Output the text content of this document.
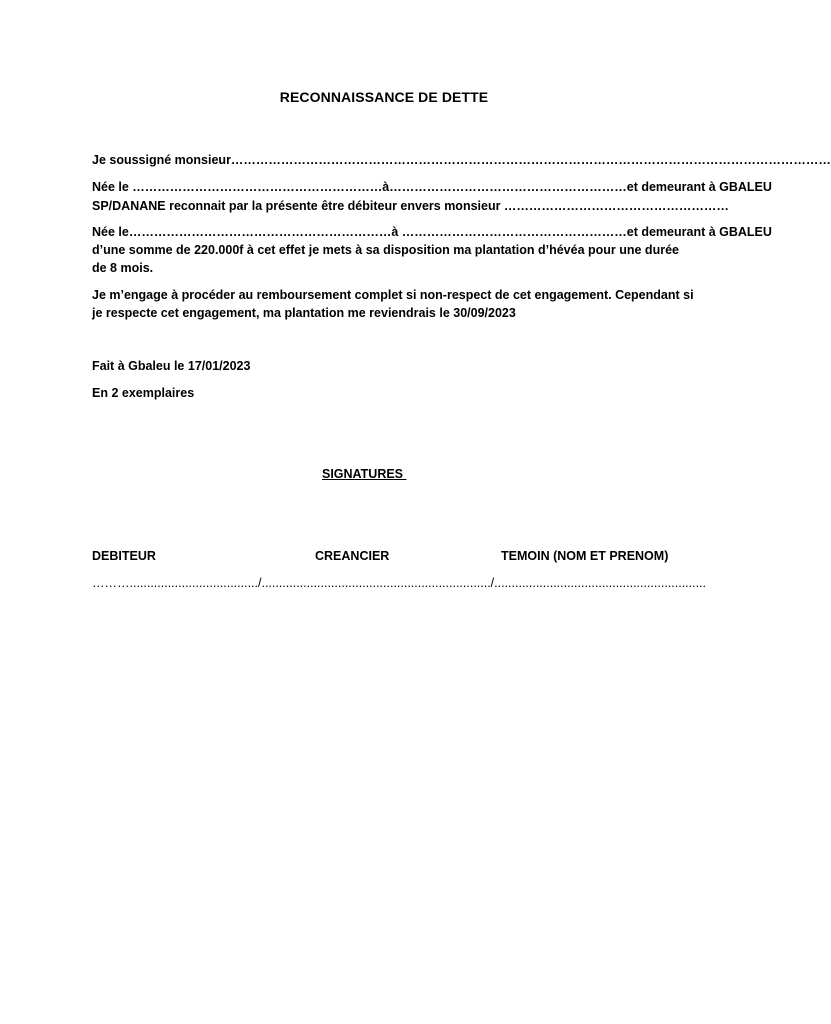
RECONNAISSANCE DE DETTE
Je soussigné monsieur………………………………………………………………………………………………………………………………
Née le ……………………………………………………à…………………………………………………et demeurant à GBALEU
SP/DANANE reconnait par la présente être débiteur envers monsieur ………………………………………………
Née le………………………………………………………à ………………………………………………et demeurant à GBALEU
d’une somme de 220.000f à cet effet je mets à sa disposition ma plantation d’hévéa pour une durée
de 8 mois.
Je m’engage à procéder au remboursement complet si non-respect de cet engagement. Cependant si
je respecte cet engagement, ma plantation me reviendrais le 30/09/2023
Fait à Gbaleu le 17/01/2023
En 2 exemplaires
SIGNATURES
DEBITEUR	CREANCIER	TEMOIN (NOM ET PRENOM)
………...................................../................................................................../.............................................................
